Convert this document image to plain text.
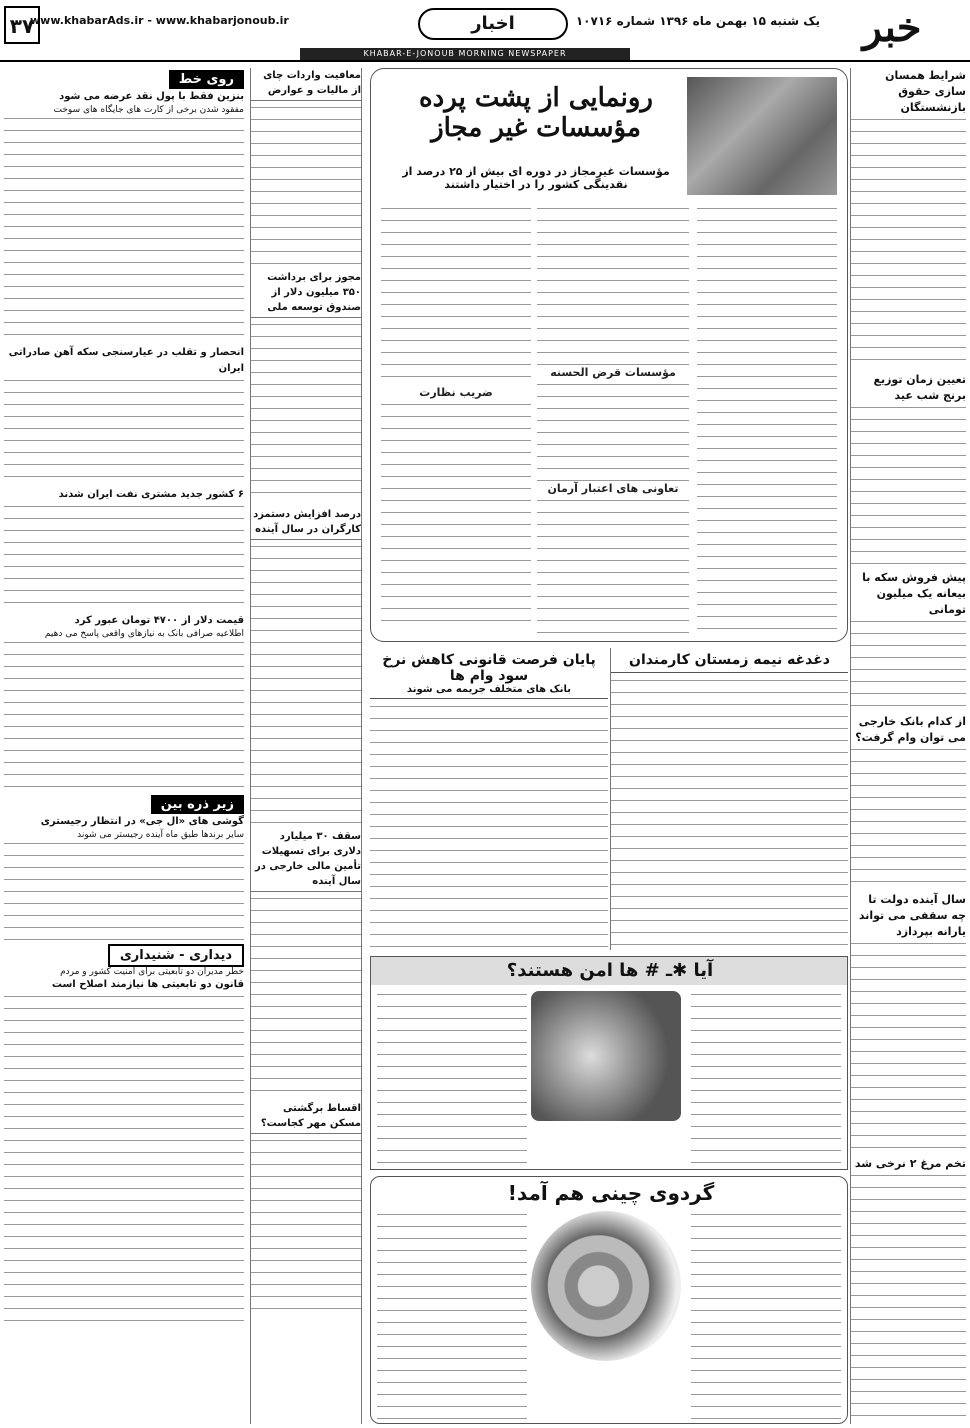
خبر
یک شنبه ۱۵ بهمن ماه ۱۳۹۶ شماره ۱۰۷۱۶
اخبار
www.khabarAds.ir - www.khabarjonoub.ir
۳۷
KHABAR-E-JONOUB MORNING NEWSPAPER
شرایط همسان سازی حقوق بازنشستگان
تعیین زمان توزیع برنج شب عید
پیش فروش سکه با بیعانه یک میلیون تومانی
از کدام بانک خارجی می توان وام گرفت؟
سال آینده دولت تا چه سقفی می تواند یارانه بپردازد
تخم مرغ ۲ نرخی شد
رونمایی از پشت پرده
مؤسسات غیر مجاز
مؤسسات غیرمجاز در دوره ای بیش از ۲۵ درصد از نقدینگی کشور را در اختیار داشتند
مؤسسات قرض الحسنه
تعاونی های اعتبار آرمان
ضریب نظارت
دغدغه نیمه زمستان کارمندان
پایان فرصت قانونی کاهش نرخ سود وام ها
بانک های متخلف جریمه می شوند
آیا ✱ـ # ها امن هستند؟
گردوی چینی هم آمد!
معافیت واردات چای از مالیات و عوارض
مجوز برای برداشت ۳۵۰ میلیون دلار از صندوق توسعه ملی
درصد افزایش دستمزد کارگران در سال آینده
سقف ۳۰ میلیارد دلاری برای تسهیلات تأمین مالی خارجی در سال آینده
اقساط برگشتی مسکن مهر کجاست؟
روی خط
بنزین فقط با پول نقد عرضه می شود
مفقود شدن برخی از کارت های جایگاه های سوخت
انحصار و تقلب در عیارسنجی سکه آهن صادراتی ایران
۶ کشور جدید مشتری نفت ایران شدند
قیمت دلار از ۴۷۰۰ تومان عبور کرد
اطلاعیه صرافی بانک به نیازهای واقعی پاسخ می دهیم
زیر ذره بین
گوشی های «ال جی» در انتظار رجیستری
سایر برندها طبق ماه آینده رجیستر می شوند
دیداری - شنیداری
خطر مدیران دو تابعیتی برای امنیت کشور و مردم
قانون دو تابعیتی ها نیازمند اصلاح است
